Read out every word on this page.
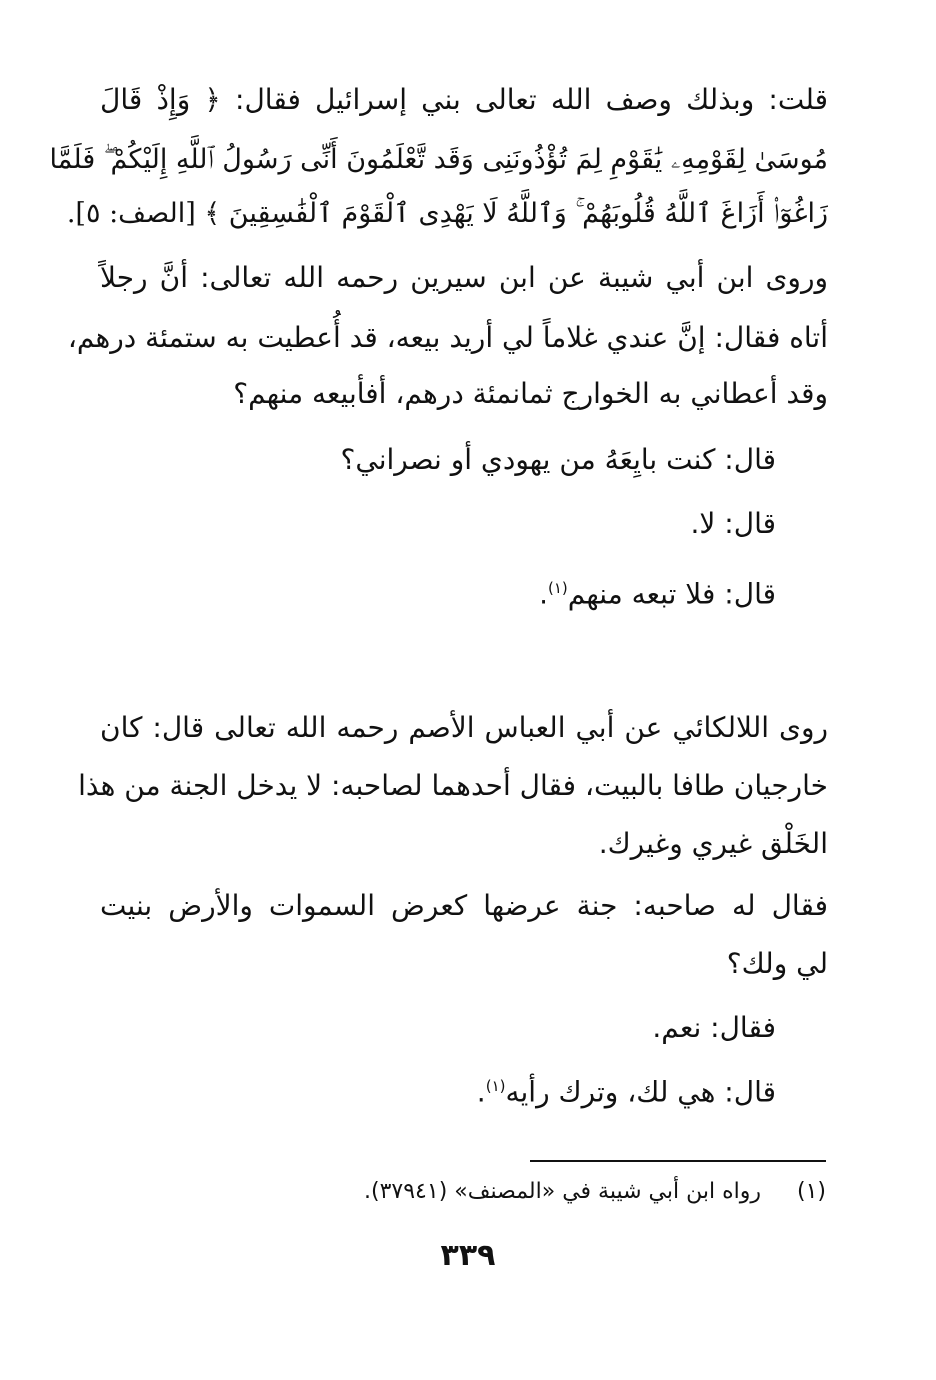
قلت: وبذلك وصف الله تعالى بني إسرائيل فقال: ﴿ وَإِذْ قَالَ
مُوسَىٰ لِقَوْمِهِۦ يَٰقَوْمِ لِمَ تُؤْذُونَنِى وَقَد تَّعْلَمُونَ أَنِّى رَسُولُ ٱللَّهِ إِلَيْكُمْ ۖ فَلَمَّا
زَاغُوٓا۟ أَزَاغَ ٱللَّهُ قُلُوبَهُمْ ۚ وَٱللَّهُ لَا يَهْدِى ٱلْقَوْمَ ٱلْفَٰسِقِينَ ﴾ [الصف: ٥].
وروى ابن أبي شيبة عن ابن سيرين رحمه الله تعالى: أنَّ رجلاً
أتاه فقال: إنَّ عندي غلاماً لي أريد بيعه، قد أُعطيت به ستمئة درهم،
وقد أعطاني به الخوارج ثمانمئة درهم، أفأبيعه منهم؟
قال: كنت بايِعَهُ من يهودي أو نصراني؟
قال: لا.
قال: فلا تبعه منهم$^{(١)}$.
روى اللالكائي عن أبي العباس الأصم رحمه الله تعالى قال: كان
خارجيان طافا بالبيت، فقال أحدهما لصاحبه: لا يدخل الجنة من هذا
الخَلْق غيري وغيرك.
فقال له صاحبه: جنة عرضها كعرض السموات والأرض بنيت
لي ولك؟
فقال: نعم.
قال: هي لك، وترك رأيه$^{(١)}$.
(١)  رواه ابن أبي شيبة في «المصنف» (٣٧٩٤١).
٣٣٩
